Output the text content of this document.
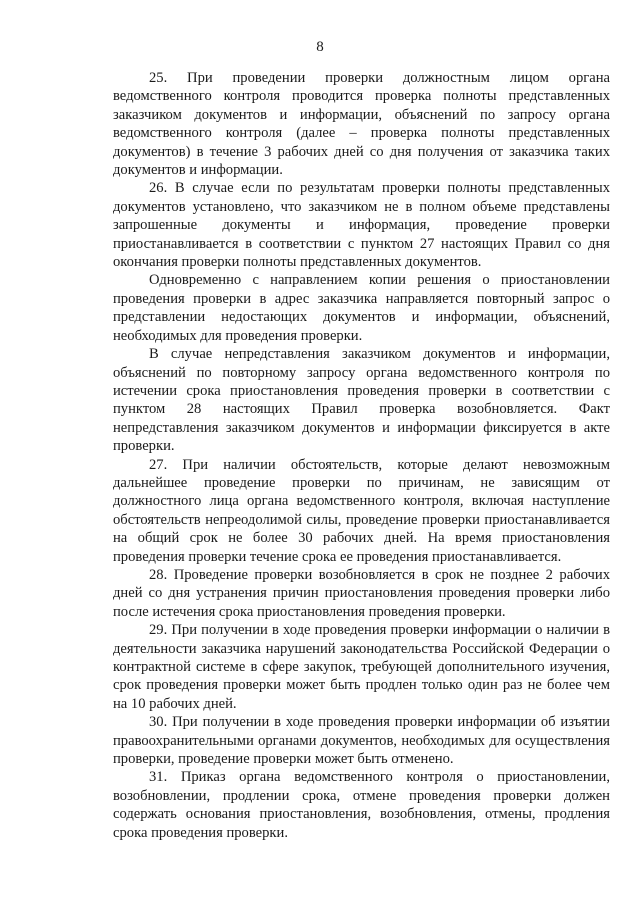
8

25. При проведении проверки должностным лицом органа ведомственного контроля проводится проверка полноты представленных заказчиком документов и информации, объяснений по запросу органа ведомственного контроля (далее – проверка полноты представленных документов) в течение 3 рабочих дней со дня получения от заказчика таких документов и информации.

26. В случае если по результатам проверки полноты представленных документов установлено, что заказчиком не в полном объеме представлены запрошенные документы и информация, проведение проверки приостанавливается в соответствии с пунктом 27 настоящих Правил со дня окончания проверки полноты представленных документов.

Одновременно с направлением копии решения о приостановлении проведения проверки в адрес заказчика направляется повторный запрос о представлении недостающих документов и информации, объяснений, необходимых для проведения проверки.

В случае непредставления заказчиком документов и информации, объяснений по повторному запросу органа ведомственного контроля по истечении срока приостановления проведения проверки в соответствии с пунктом 28 настоящих Правил проверка возобновляется. Факт непредставления заказчиком документов и информации фиксируется в акте проверки.

27. При наличии обстоятельств, которые делают невозможным дальнейшее проведение проверки по причинам, не зависящим от должностного лица органа ведомственного контроля, включая наступление обстоятельств непреодолимой силы, проведение проверки приостанавливается на общий срок не более 30 рабочих дней. На время приостановления проведения проверки течение срока ее проведения приостанавливается.

28. Проведение проверки возобновляется в срок не позднее 2 рабочих дней со дня устранения причин приостановления проведения проверки либо после истечения срока приостановления проведения проверки.

29. При получении в ходе проведения проверки информации о наличии в деятельности заказчика нарушений законодательства Российской Федерации о контрактной системе в сфере закупок, требующей дополнительного изучения, срок проведения проверки может быть продлен только один раз не более чем на 10 рабочих дней.

30. При получении в ходе проведения проверки информации об изъятии правоохранительными органами документов, необходимых для осуществления проверки, проведение проверки может быть отменено.

31. Приказ органа ведомственного контроля о приостановлении, возобновлении, продлении срока, отмене проведения проверки должен содержать основания приостановления, возобновления, отмены, продления срока проведения проверки.
